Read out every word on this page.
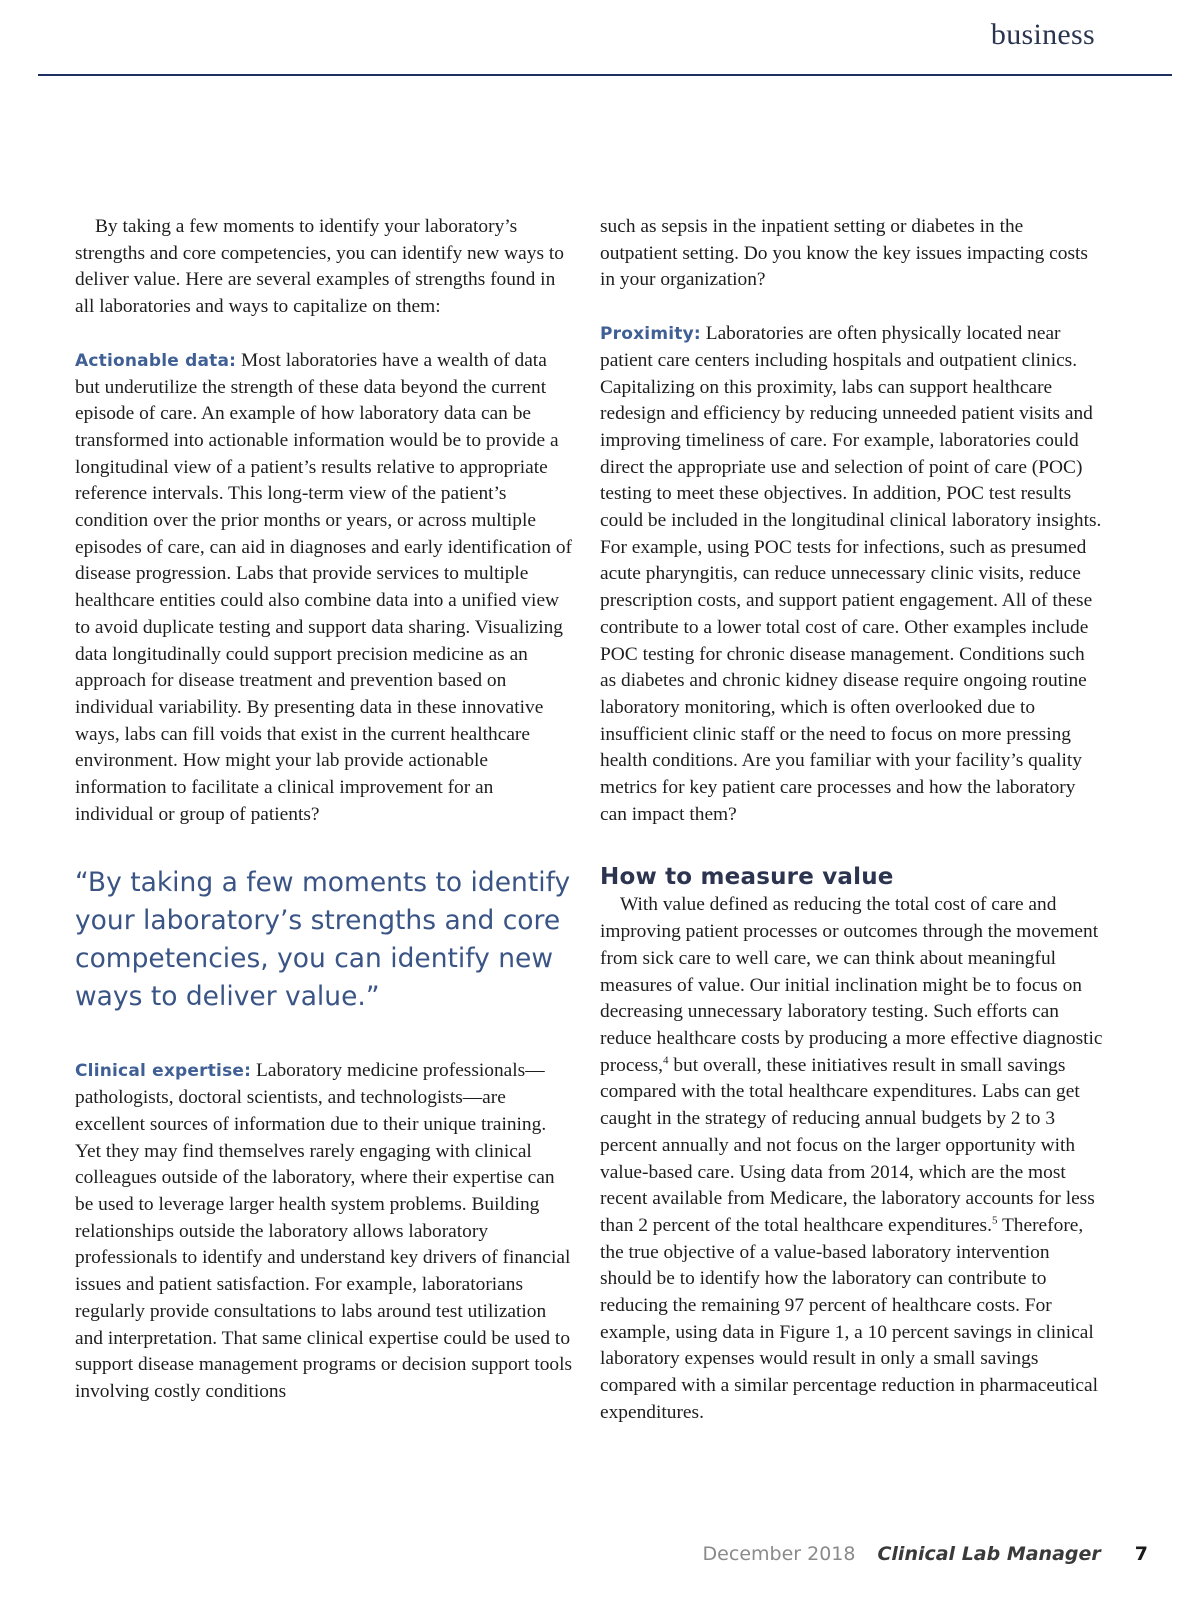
business

By taking a few moments to identify your laboratory’s strengths and core competencies, you can identify new ways to deliver value. Here are several examples of strengths found in all laboratories and ways to capitalize on them:

Actionable data: Most laboratories have a wealth of data but underutilize the strength of these data beyond the current episode of care. An example of how laboratory data can be transformed into actionable information would be to provide a longitudinal view of a patient’s results relative to appropriate reference intervals. This long-term view of the patient’s condition over the prior months or years, or across multiple episodes of care, can aid in diagnoses and early identification of disease progression. Labs that provide services to multiple healthcare entities could also combine data into a unified view to avoid duplicate testing and support data sharing. Visualizing data longitudinally could support precision medicine as an approach for disease treatment and prevention based on individual variability. By presenting data in these innovative ways, labs can fill voids that exist in the current healthcare environment. How might your lab provide actionable information to facilitate a clinical improvement for an individual or group of patients?

“By taking a few moments to identify your laboratory’s strengths and core competencies, you can identify new ways to deliver value.”

Clinical expertise: Laboratory medicine professionals—pathologists, doctoral scientists, and technologists—are excellent sources of information due to their unique training. Yet they may find themselves rarely engaging with clinical colleagues outside of the laboratory, where their expertise can be used to leverage larger health system problems. Building relationships outside the laboratory allows laboratory professionals to identify and understand key drivers of financial issues and patient satisfaction. For example, laboratorians regularly provide consultations to labs around test utilization and interpretation. That same clinical expertise could be used to support disease management programs or decision support tools involving costly conditions

such as sepsis in the inpatient setting or diabetes in the outpatient setting. Do you know the key issues impacting costs in your organization?

Proximity: Laboratories are often physically located near patient care centers including hospitals and outpatient clinics. Capitalizing on this proximity, labs can support healthcare redesign and efficiency by reducing unneeded patient visits and improving timeliness of care. For example, laboratories could direct the appropriate use and selection of point of care (POC) testing to meet these objectives. In addition, POC test results could be included in the longitudinal clinical laboratory insights. For example, using POC tests for infections, such as presumed acute pharyngitis, can reduce unnecessary clinic visits, reduce prescription costs, and support patient engagement. All of these contribute to a lower total cost of care. Other examples include POC testing for chronic disease management. Conditions such as diabetes and chronic kidney disease require ongoing routine laboratory monitoring, which is often overlooked due to insufficient clinic staff or the need to focus on more pressing health conditions. Are you familiar with your facility’s quality metrics for key patient care processes and how the laboratory can impact them?

How to measure value

With value defined as reducing the total cost of care and improving patient processes or outcomes through the movement from sick care to well care, we can think about meaningful measures of value. Our initial inclination might be to focus on decreasing unnecessary laboratory testing. Such efforts can reduce healthcare costs by producing a more effective diagnostic process,$^4$ but overall, these initiatives result in small savings compared with the total healthcare expenditures. Labs can get caught in the strategy of reducing annual budgets by 2 to 3 percent annually and not focus on the larger opportunity with value-based care. Using data from 2014, which are the most recent available from Medicare, the laboratory accounts for less than 2 percent of the total healthcare expenditures.$^5$ Therefore, the true objective of a value-based laboratory intervention should be to identify how the laboratory can contribute to reducing the remaining 97 percent of healthcare costs. For example, using data in Figure 1, a 10 percent savings in clinical laboratory expenses would result in only a small savings compared with a similar percentage reduction in pharmaceutical expenditures.

December 2018 Clinical Lab Manager 7
